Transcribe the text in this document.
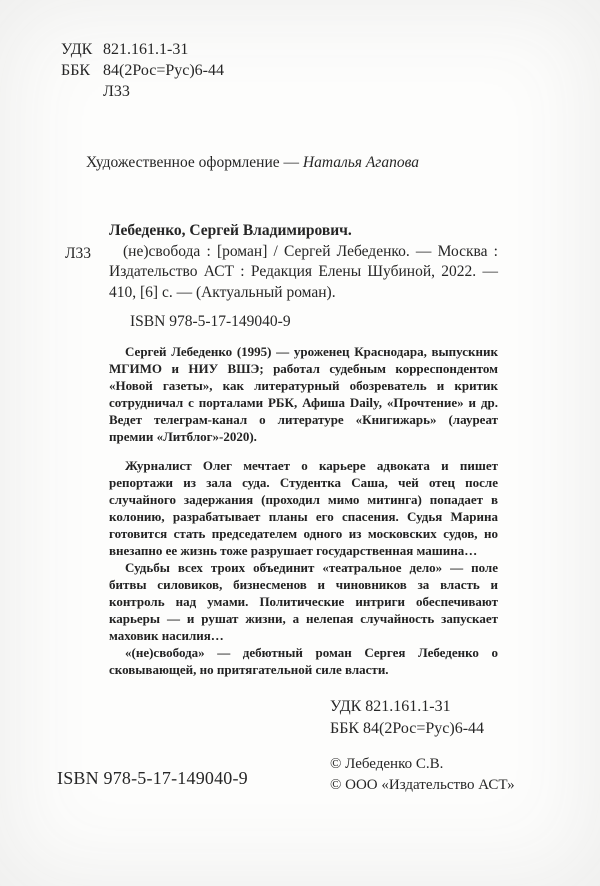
УДК 821.161.1-31
ББК 84(2Рос=Рус)6-44
Л33
Художественное оформление — Наталья Агапова
Л33
Лебеденко, Сергей Владимирович.

(не)свобода : [роман] / Сергей Лебеденко. — Москва : Издательство АСТ : Редакция Елены Шубиной, 2022. — 410, [6] с. — (Актуальный роман).

ISBN 978-5-17-149040-9

Сергей Лебеденко (1995) — уроженец Краснодара, выпускник МГИМО и НИУ ВШЭ; работал судебным корреспондентом «Новой газеты», как литературный обозреватель и критик сотрудничал с порталами РБК, Афиша Daily, «Прочтение» и др. Ведет телеграм-канал о литературе «Книгижарь» (лауреат премии «Литблог»-2020).

Журналист Олег мечтает о карьере адвоката и пишет репортажи из зала суда. Студентка Саша, чей отец после случайного задержания (проходил мимо митинга) попадает в колонию, разрабатывает планы его спасения. Судья Марина готовится стать председателем одного из московских судов, но внезапно ее жизнь тоже разрушает государственная машина…

Судьбы всех троих объединит «театральное дело» — поле битвы силовиков, бизнесменов и чиновников за власть и контроль над умами. Политические интриги обеспечивают карьеры — и рушат жизни, а нелепая случайность запускает маховик насилия…

«(не)свобода» — дебютный роман Сергея Лебеденко о сковывающей, но притягательной силе власти.

УДК 821.161.1-31
ББК 84(2Рос=Рус)6-44
© Лебеденко С.В.
© ООО «Издательство АСТ»
ISBN 978-5-17-149040-9
